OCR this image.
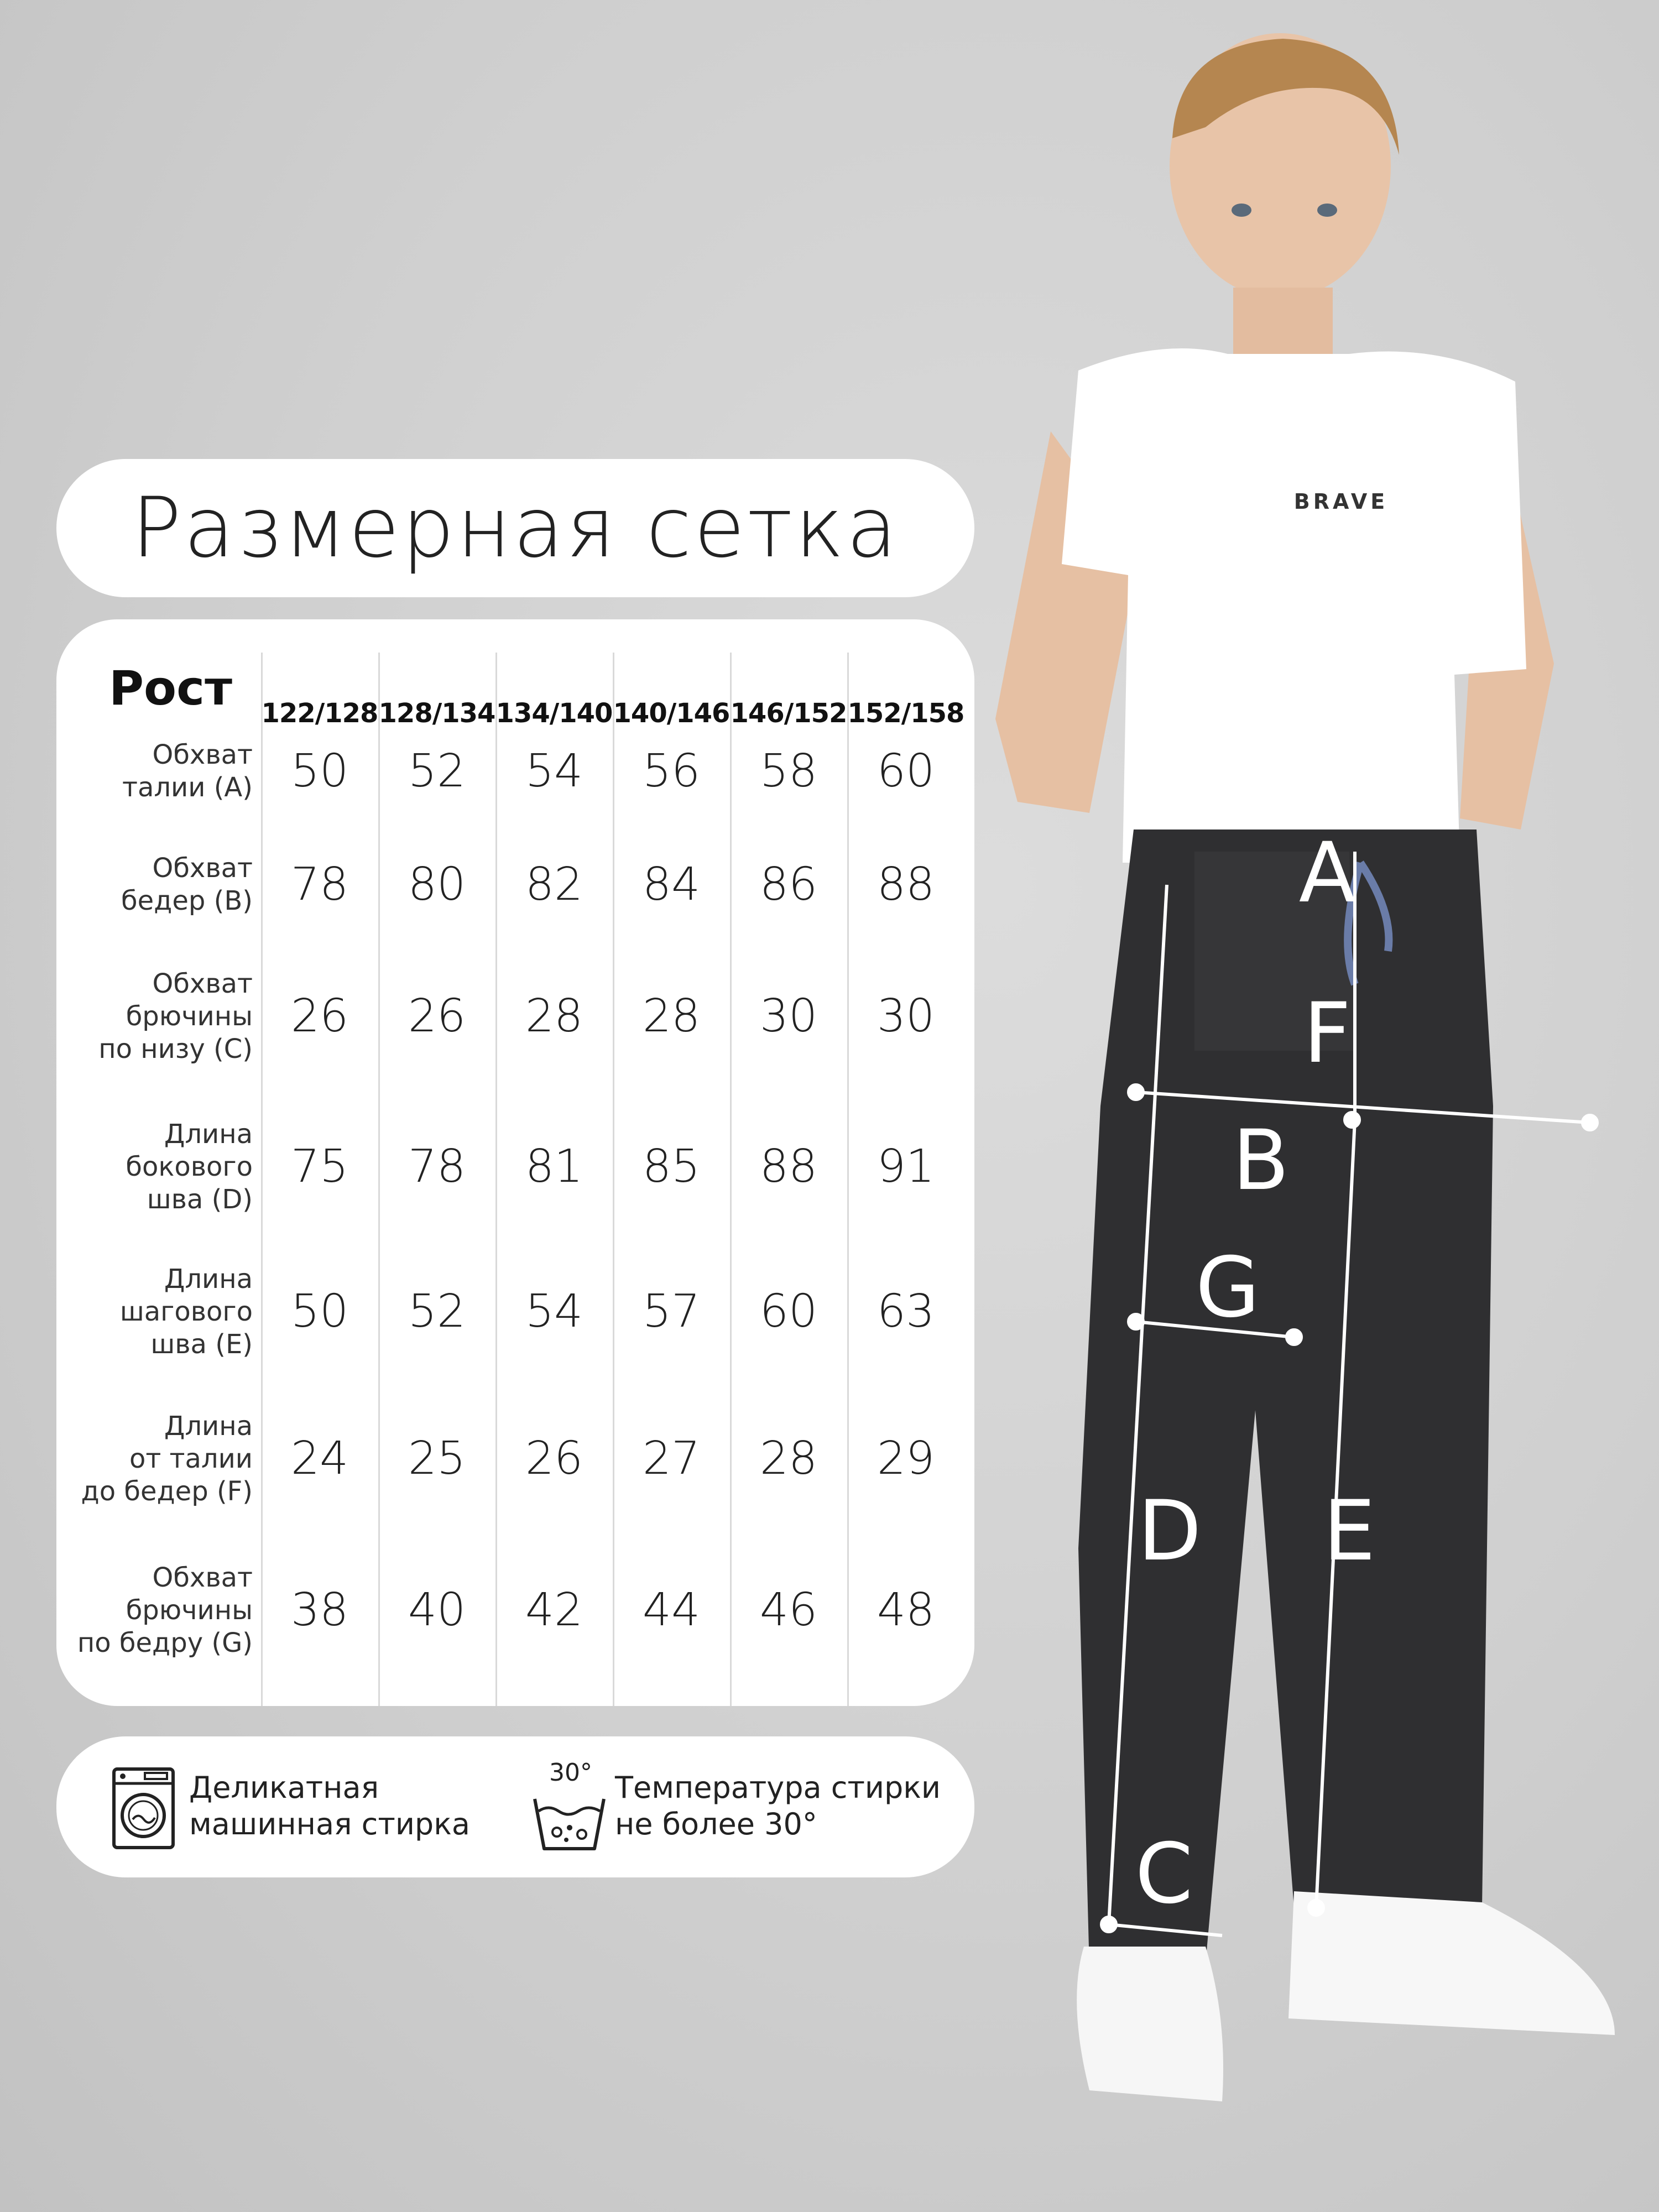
Размерная сетка
Рост	122/128 128/134 134/140 140/146 146/152 152/158
Обхват
талии (A) 50	52	54	56	58	60
Обхват
бедер (B) 78	80	82	84	86	88
Обхват
брючины
по низу (C)
26	26	28	28	30	30
Длина
бокового
шва (D)
75	78	81	85	88	91
Длина
шагового
шва (E)
50	52	54	57	60	63
Длина
от талии
до бедер (F)
24	25	26	27	28	29
Обхват
брючины
по бедру (G)
38	40	42	44	46	48
Деликатная
машинная стирка
30° Температура стирки
не более 30°
BRAVE
A
F
B
G
D E
C
